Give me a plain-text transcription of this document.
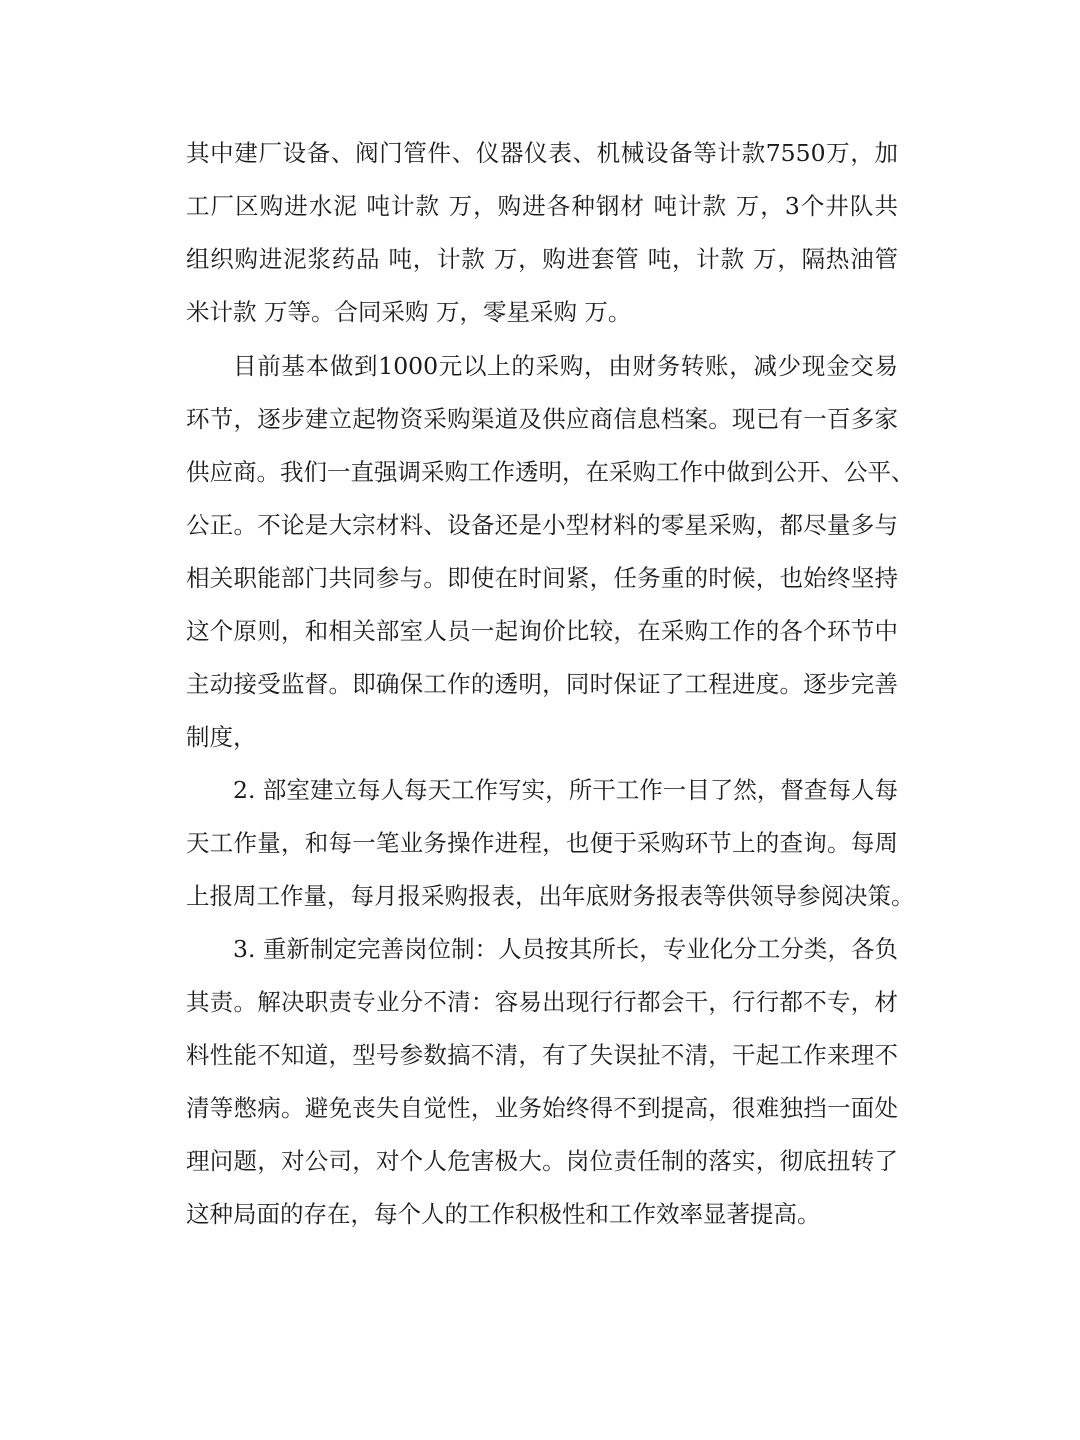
其中建厂设备、阀门管件、仪器仪表、机械设备等计款7550万，加
工厂区购进水泥 吨计款 万，购进各种钢材 吨计款 万，3个井队共
组织购进泥浆药品 吨，计款 万，购进套管 吨，计款 万，隔热油管
米计款 万等。合同采购 万，零星采购 万。
目前基本做到1000元以上的采购，由财务转账，减少现金交易
环节，逐步建立起物资采购渠道及供应商信息档案。现已有一百多家
供应商。我们一直强调采购工作透明，在采购工作中做到公开、公平、
公正。不论是大宗材料、设备还是小型材料的零星采购，都尽量多与
相关职能部门共同参与。即使在时间紧，任务重的时候，也始终坚持
这个原则，和相关部室人员一起询价比较，在采购工作的各个环节中
主动接受监督。即确保工作的透明，同时保证了工程进度。逐步完善
制度，
2. 部室建立每人每天工作写实，所干工作一目了然，督查每人每
天工作量，和每一笔业务操作进程，也便于采购环节上的查询。每周
上报周工作量，每月报采购报表，出年底财务报表等供领导参阅决策。
3. 重新制定完善岗位制：人员按其所长，专业化分工分类，各负
其责。解决职责专业分不清：容易出现行行都会干，行行都不专，材
料性能不知道，型号参数搞不清，有了失误扯不清，干起工作来理不
清等憋病。避免丧失自觉性，业务始终得不到提高，很难独挡一面处
理问题，对公司，对个人危害极大。岗位责任制的落实，彻底扭转了
这种局面的存在，每个人的工作积极性和工作效率显著提高。
